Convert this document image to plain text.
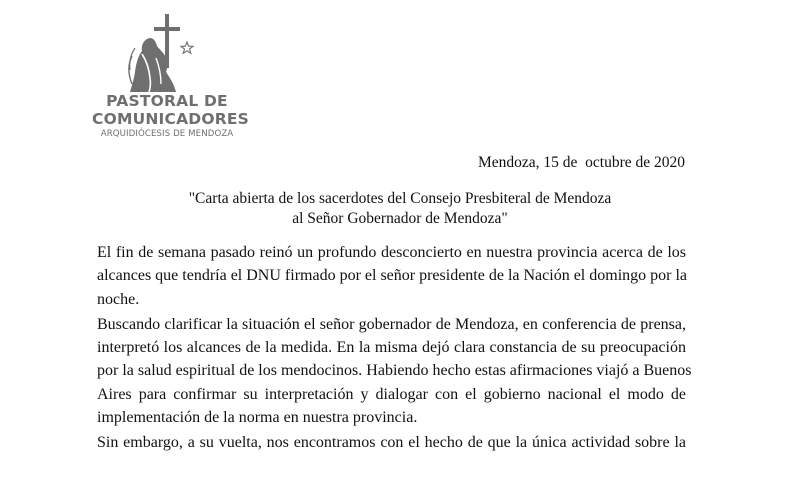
PASTORAL DE
COMUNICADORES
ARQUIDIÓCESIS DE MENDOZA
Mendoza, 15 de  octubre de 2020
"Carta abierta de los sacerdotes del Consejo Presbiteral de Mendoza
al Señor Gobernador de Mendoza"
El fin de semana pasado reinó un profundo desconcierto en nuestra provincia acerca de los
alcances que tendría el DNU firmado por el señor presidente de la Nación el domingo por la
noche.
Buscando clarificar la situación el señor gobernador de Mendoza, en conferencia de prensa,
interpretó los alcances de la medida. En la misma dejó clara constancia de su preocupación
por la salud espiritual de los mendocinos. Habiendo hecho estas afirmaciones viajó a Buenos
Aires para confirmar su interpretación y dialogar con el gobierno nacional el modo de
implementación de la norma en nuestra provincia.
Sin embargo, a su vuelta, nos encontramos con el hecho de que la única actividad sobre la
